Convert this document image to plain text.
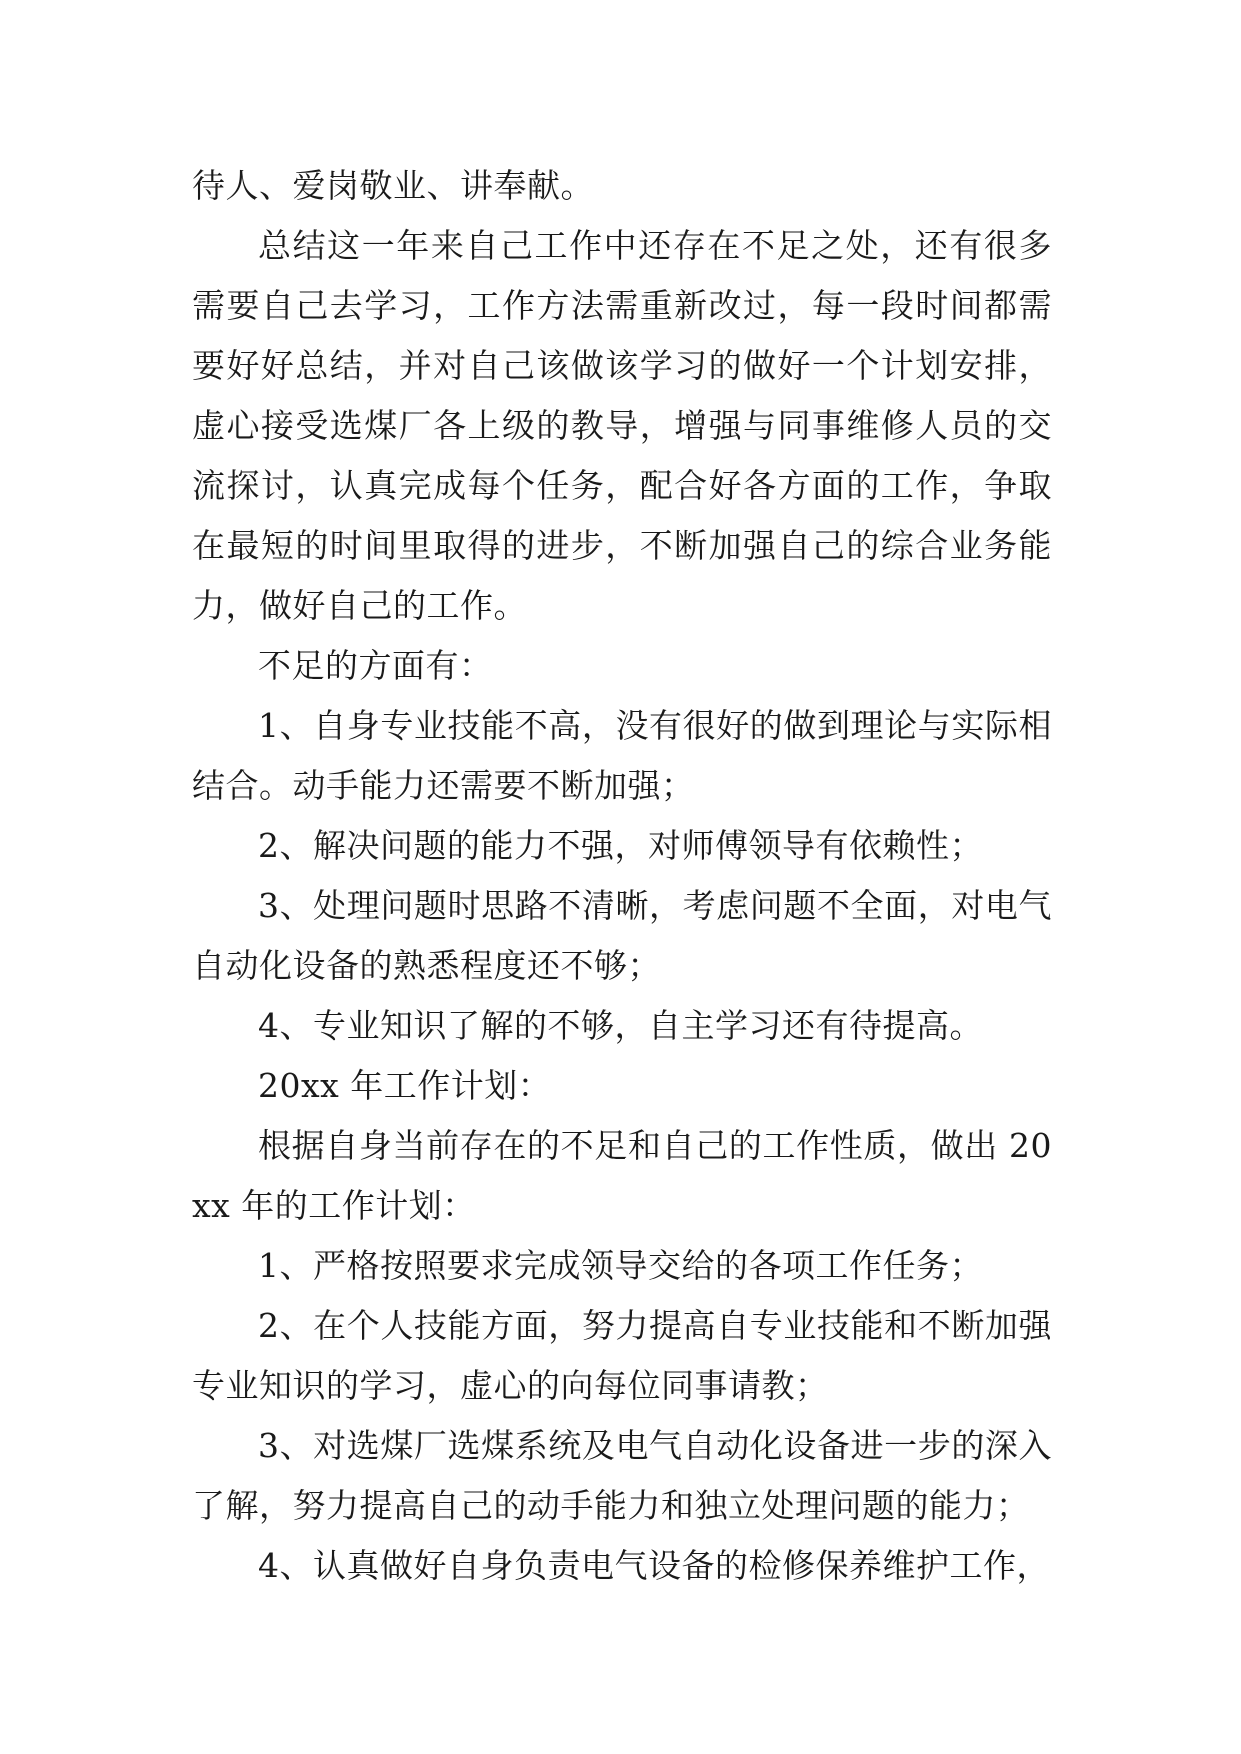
待人、爱岗敬业、讲奉献。

总结这一年来自己工作中还存在不足之处，还有很多需要自己去学习，工作方法需重新改过，每一段时间都需要好好总结，并对自己该做该学习的做好一个计划安排，虚心接受选煤厂各上级的教导，增强与同事维修人员的交流探讨，认真完成每个任务，配合好各方面的工作，争取在最短的时间里取得的进步，不断加强自己的综合业务能力，做好自己的工作。

不足的方面有：

1、自身专业技能不高，没有很好的做到理论与实际相结合。动手能力还需要不断加强；

2、解决问题的能力不强，对师傅领导有依赖性；

3、处理问题时思路不清晰，考虑问题不全面，对电气自动化设备的熟悉程度还不够；

4、专业知识了解的不够，自主学习还有待提高。

20xx 年工作计划：

根据自身当前存在的不足和自己的工作性质，做出 20xx 年的工作计划：

1、严格按照要求完成领导交给的各项工作任务；

2、在个人技能方面，努力提高自专业技能和不断加强专业知识的学习，虚心的向每位同事请教；

3、对选煤厂选煤系统及电气自动化设备进一步的深入了解，努力提高自己的动手能力和独立处理问题的能力；

4、认真做好自身负责电气设备的检修保养维护工作，
